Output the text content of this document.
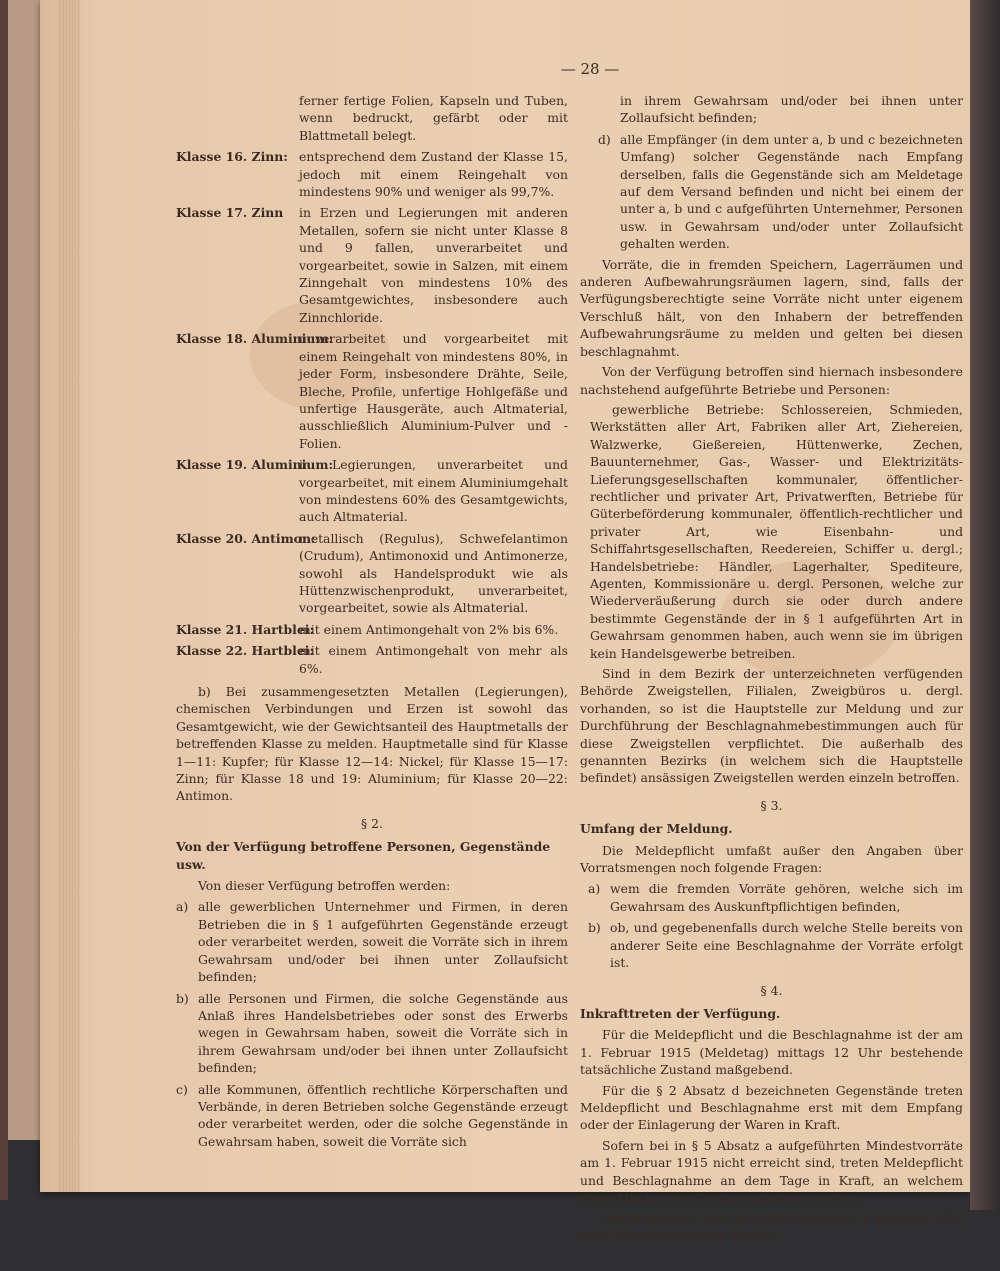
— 28 —

ferner fertige Folien, Kapseln und Tuben, wenn bedruckt, gefärbt oder mit Blattmetall belegt.

Klasse 16. Zinn: entsprechend dem Zustand der Klasse 15, jedoch mit einem Reingehalt von mindestens 90% und weniger als 99,7%.
Klasse 17. Zinn	in Erzen und Legierungen mit anderen Metallen, sofern sie nicht unter Klasse 8 und 9 fallen, unverarbeitet und vorgearbeitet, sowie in Salzen, mit einem Zinngehalt von mindestens 10% des Gesamtgewichtes, insbesondere auch Zinnchloride.
Klasse 18. Aluminium:
unverarbeitet und vorgearbeitet mit einem Reingehalt von mindestens 80%, in jeder Form, insbesondere Drähte, Seile, Bleche, Profile, unfertige Hohlgefäße und unfertige Hausgeräte, auch Altmaterial, ausschließlich Aluminium-Pulver und -Folien.
Klasse 19. Aluminium:
in Legierungen, unverarbeitet und vorgearbeitet, mit einem Aluminiumgehalt von mindestens 60% des Gesamtgewichts, auch Altmaterial.
Klasse 20. Antimon:
metallisch (Regulus), Schwefelantimon (Crudum), Antimonoxid und Antimonerze, sowohl als Handelsprodukt wie als Hüttenzwischenprodukt, unverarbeitet, vorgearbeitet, sowie als Altmaterial.
Klasse 21. Hartblei:
mit einem Antimongehalt von 2% bis 6%.
Klasse 22. Hartblei:
mit einem Antimongehalt von mehr als 6%.

b) Bei zusammengesetzten Metallen (Legierungen), chemischen Verbindungen und Erzen ist sowohl das Gesamtgewicht, wie der Gewichtsanteil des Hauptmetalls der betreffenden Klasse zu melden. Hauptmetalle sind für Klasse 1—11: Kupfer; für Klasse 12—14: Nickel; für Klasse 15—17: Zinn; für Klasse 18 und 19: Aluminium; für Klasse 20—22: Antimon.

§ 2.

Von der Verfügung betroffene Personen, Gegenstände usw.

Von dieser Verfügung betroffen werden:

a) alle gewerblichen Unternehmer und Firmen, in deren Betrieben die in § 1 aufgeführten Gegenstände erzeugt oder verarbeitet werden, soweit die Vorräte sich in ihrem Gewahrsam und/oder bei ihnen unter Zollaufsicht befinden;
b) alle Personen und Firmen, die solche Gegenstände aus Anlaß ihres Handelsbetriebes oder sonst des Erwerbs wegen in Gewahrsam haben, soweit die Vorräte sich in ihrem Gewahrsam und/oder bei ihnen unter Zollaufsicht befinden;
c) alle Kommunen, öffentlich rechtliche Körperschaften und Verbände, in deren Betrieben solche Gegenstände erzeugt oder verarbeitet werden, oder die solche Gegenstände in Gewahrsam haben, soweit die Vorräte sich

in ihrem Gewahrsam und/oder bei ihnen unter Zollaufsicht befinden;

d) alle Empfänger (in dem unter a, b und c bezeichneten Umfang) solcher Gegenstände nach Empfang derselben, falls die Gegenstände sich am Meldetage auf dem Versand befinden und nicht bei einem der unter a, b und c aufgeführten Unternehmer, Personen usw. in Gewahrsam und/oder unter Zollaufsicht gehalten werden.

Vorräte, die in fremden Speichern, Lagerräumen und anderen Aufbewahrungsräumen lagern, sind, falls der Verfügungsberechtigte seine Vorräte nicht unter eigenem Verschluß hält, von den Inhabern der betreffenden Aufbewahrungsräume zu melden und gelten bei diesen beschlagnahmt.

Von der Verfügung betroffen sind hiernach insbesondere nachstehend aufgeführte Betriebe und Personen:

gewerbliche Betriebe: Schlossereien, Schmieden, Werkstätten aller Art, Fabriken aller Art, Ziehereien, Walzwerke, Gießereien, Hüttenwerke, Zechen, Bauunternehmer, Gas-, Wasser- und Elektrizitäts-Lieferungsgesellschaften kommunaler, öffentlicher-rechtlicher und privater Art, Privatwerften, Betriebe für Güterbeförderung kommunaler, öffentlich-rechtlicher und privater Art, wie Eisenbahn- und Schiffahrtsgesellschaften, Reedereien, Schiffer u. dergl.; Handelsbetriebe: Händler, Lagerhalter, Spediteure, Agenten, Kommissionäre u. dergl. Personen, welche zur Wiederveräußerung durch sie oder durch andere bestimmte Gegenstände der in § 1 aufgeführten Art in Gewahrsam genommen haben, auch wenn sie im übrigen kein Handelsgewerbe betreiben.

Sind in dem Bezirk der unterzeichneten verfügenden Behörde Zweigstellen, Filialen, Zweigbüros u. dergl. vorhanden, so ist die Hauptstelle zur Meldung und zur Durchführung der Beschlagnahmebestimmungen auch für diese Zweigstellen verpflichtet. Die außerhalb des genannten Bezirks (in welchem sich die Hauptstelle befindet) ansässigen Zweigstellen werden einzeln betroffen.

§ 3.

Umfang der Meldung.

Die Meldepflicht umfaßt außer den Angaben über Vorratsmengen noch folgende Fragen:

a) wem die fremden Vorräte gehören, welche sich im Gewahrsam des Auskunftpflichtigen befinden,
b) ob, und gegebenenfalls durch welche Stelle bereits von anderer Seite eine Beschlagnahme der Vorräte erfolgt ist.

§ 4.

Inkrafttreten der Verfügung.

Für die Meldepflicht und die Beschlagnahme ist der am 1. Februar 1915 (Meldetag) mittags 12 Uhr bestehende tatsächliche Zustand maßgebend.

Für die § 2 Absatz d bezeichneten Gegenstände treten Meldepflicht und Beschlagnahme erst mit dem Empfang oder der Einlagerung der Waren in Kraft.

Sofern bei in § 5 Absatz a aufgeführten Mindestvorräte am 1. Februar 1915 nicht erreicht sind, treten Meldepflicht und Beschlagnahme an dem Tage in Kraft, an welchem diese Mindestvorräte überschritten werden.

Beschlagnahmt sind auch alle nach dem 1. Februar 1915 etwa hinzukommenden Vorräte.
